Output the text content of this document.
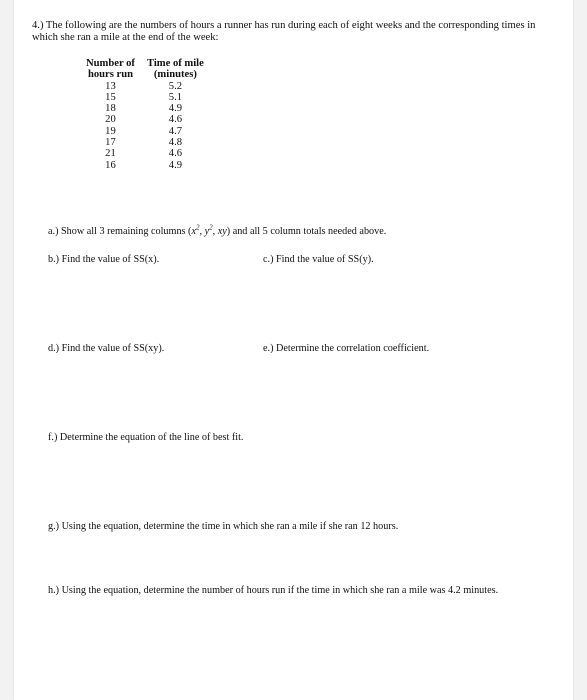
4.) The following are the numbers of hours a runner has run during each of eight weeks and the corresponding times in which she ran a mile at the end of the week:
Number of
hours run	Time of mile
(minutes)
13	5.2
15	5.1
18	4.9
20	4.6
19	4.7
17	4.8
21	4.6
16	4.9
a.) Show all 3 remaining columns ($x^2$, $y^2$, xy) and all 5 column totals needed above.
b.) Find the value of SS(x).	c.) Find the value of SS(y).
d.) Find the value of SS(xy).	e.) Determine the correlation coefficient.
f.) Determine the equation of the line of best fit.
g.) Using the equation, determine the time in which she ran a mile if she ran 12 hours.
h.) Using the equation, determine the number of hours run if the time in which she ran a mile was 4.2 minutes.
